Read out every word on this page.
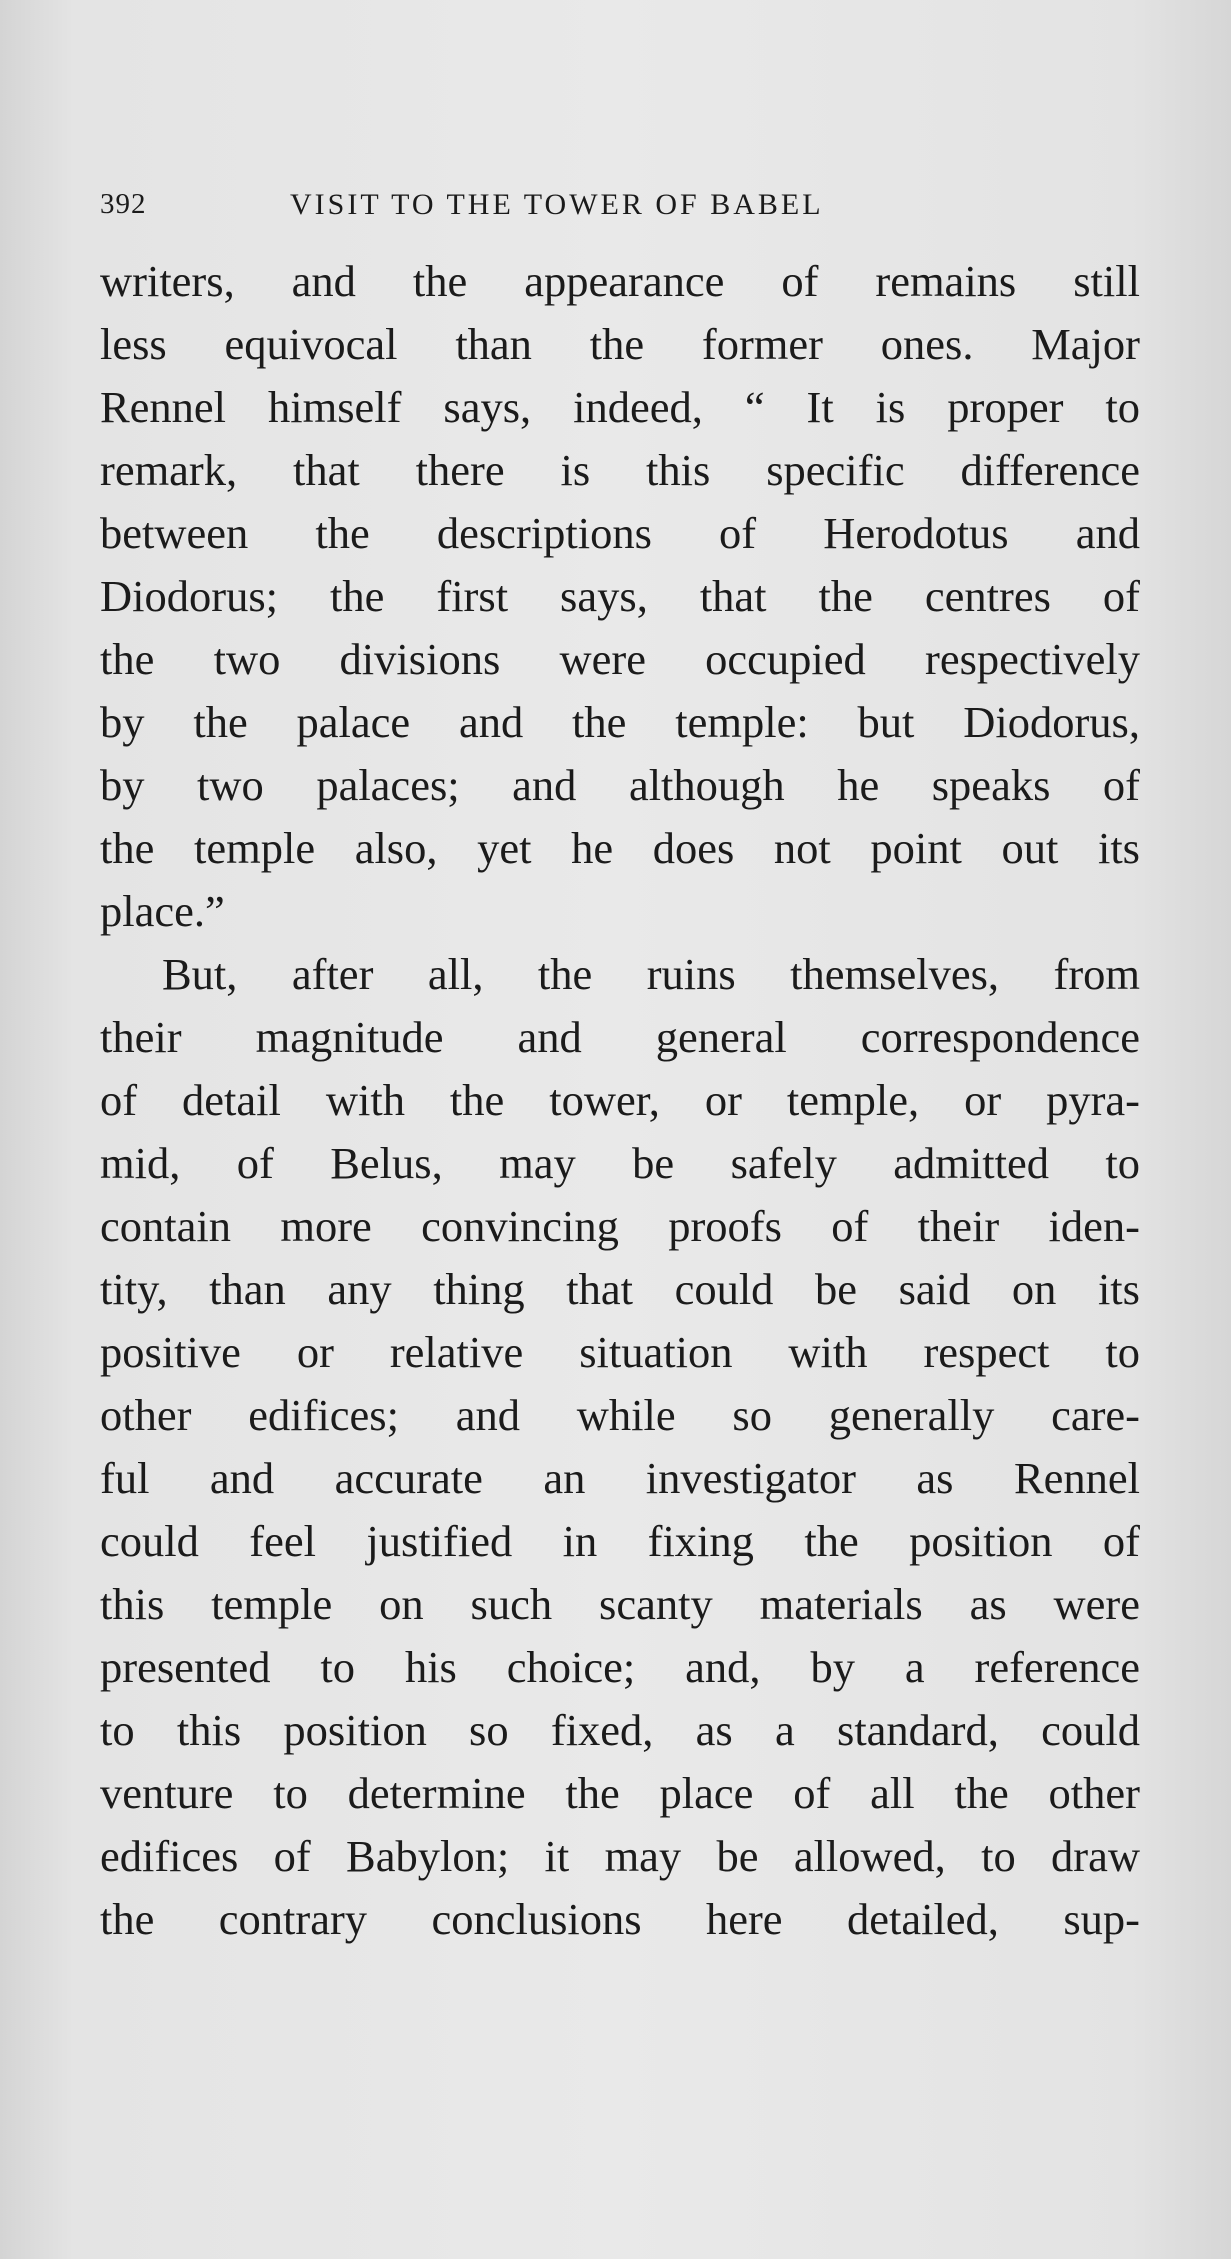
392	VISIT TO THE TOWER OF BABEL
writers, and the appearance of remains still
less equivocal than the former ones. Major
Rennel himself says, indeed, “ It is proper to
remark, that there is this specific difference
between the descriptions of Herodotus and
Diodorus; the first says, that the centres of
the two divisions were occupied respectively
by the palace and the temple: but Diodorus,
by two palaces; and although he speaks of
the temple also, yet he does not point out its
place.”
But, after all, the ruins themselves, from
their magnitude and general correspondence
of detail with the tower, or temple, or pyra-
mid, of Belus, may be safely admitted to
contain more convincing proofs of their iden-
tity, than any thing that could be said on its
positive or relative situation with respect to
other edifices; and while so generally care-
ful and accurate an investigator as Rennel
could feel justified in fixing the position of
this temple on such scanty materials as were
presented to his choice; and, by a reference
to this position so fixed, as a standard, could
venture to determine the place of all the other
edifices of Babylon; it may be allowed, to draw
the contrary conclusions here detailed, sup-
